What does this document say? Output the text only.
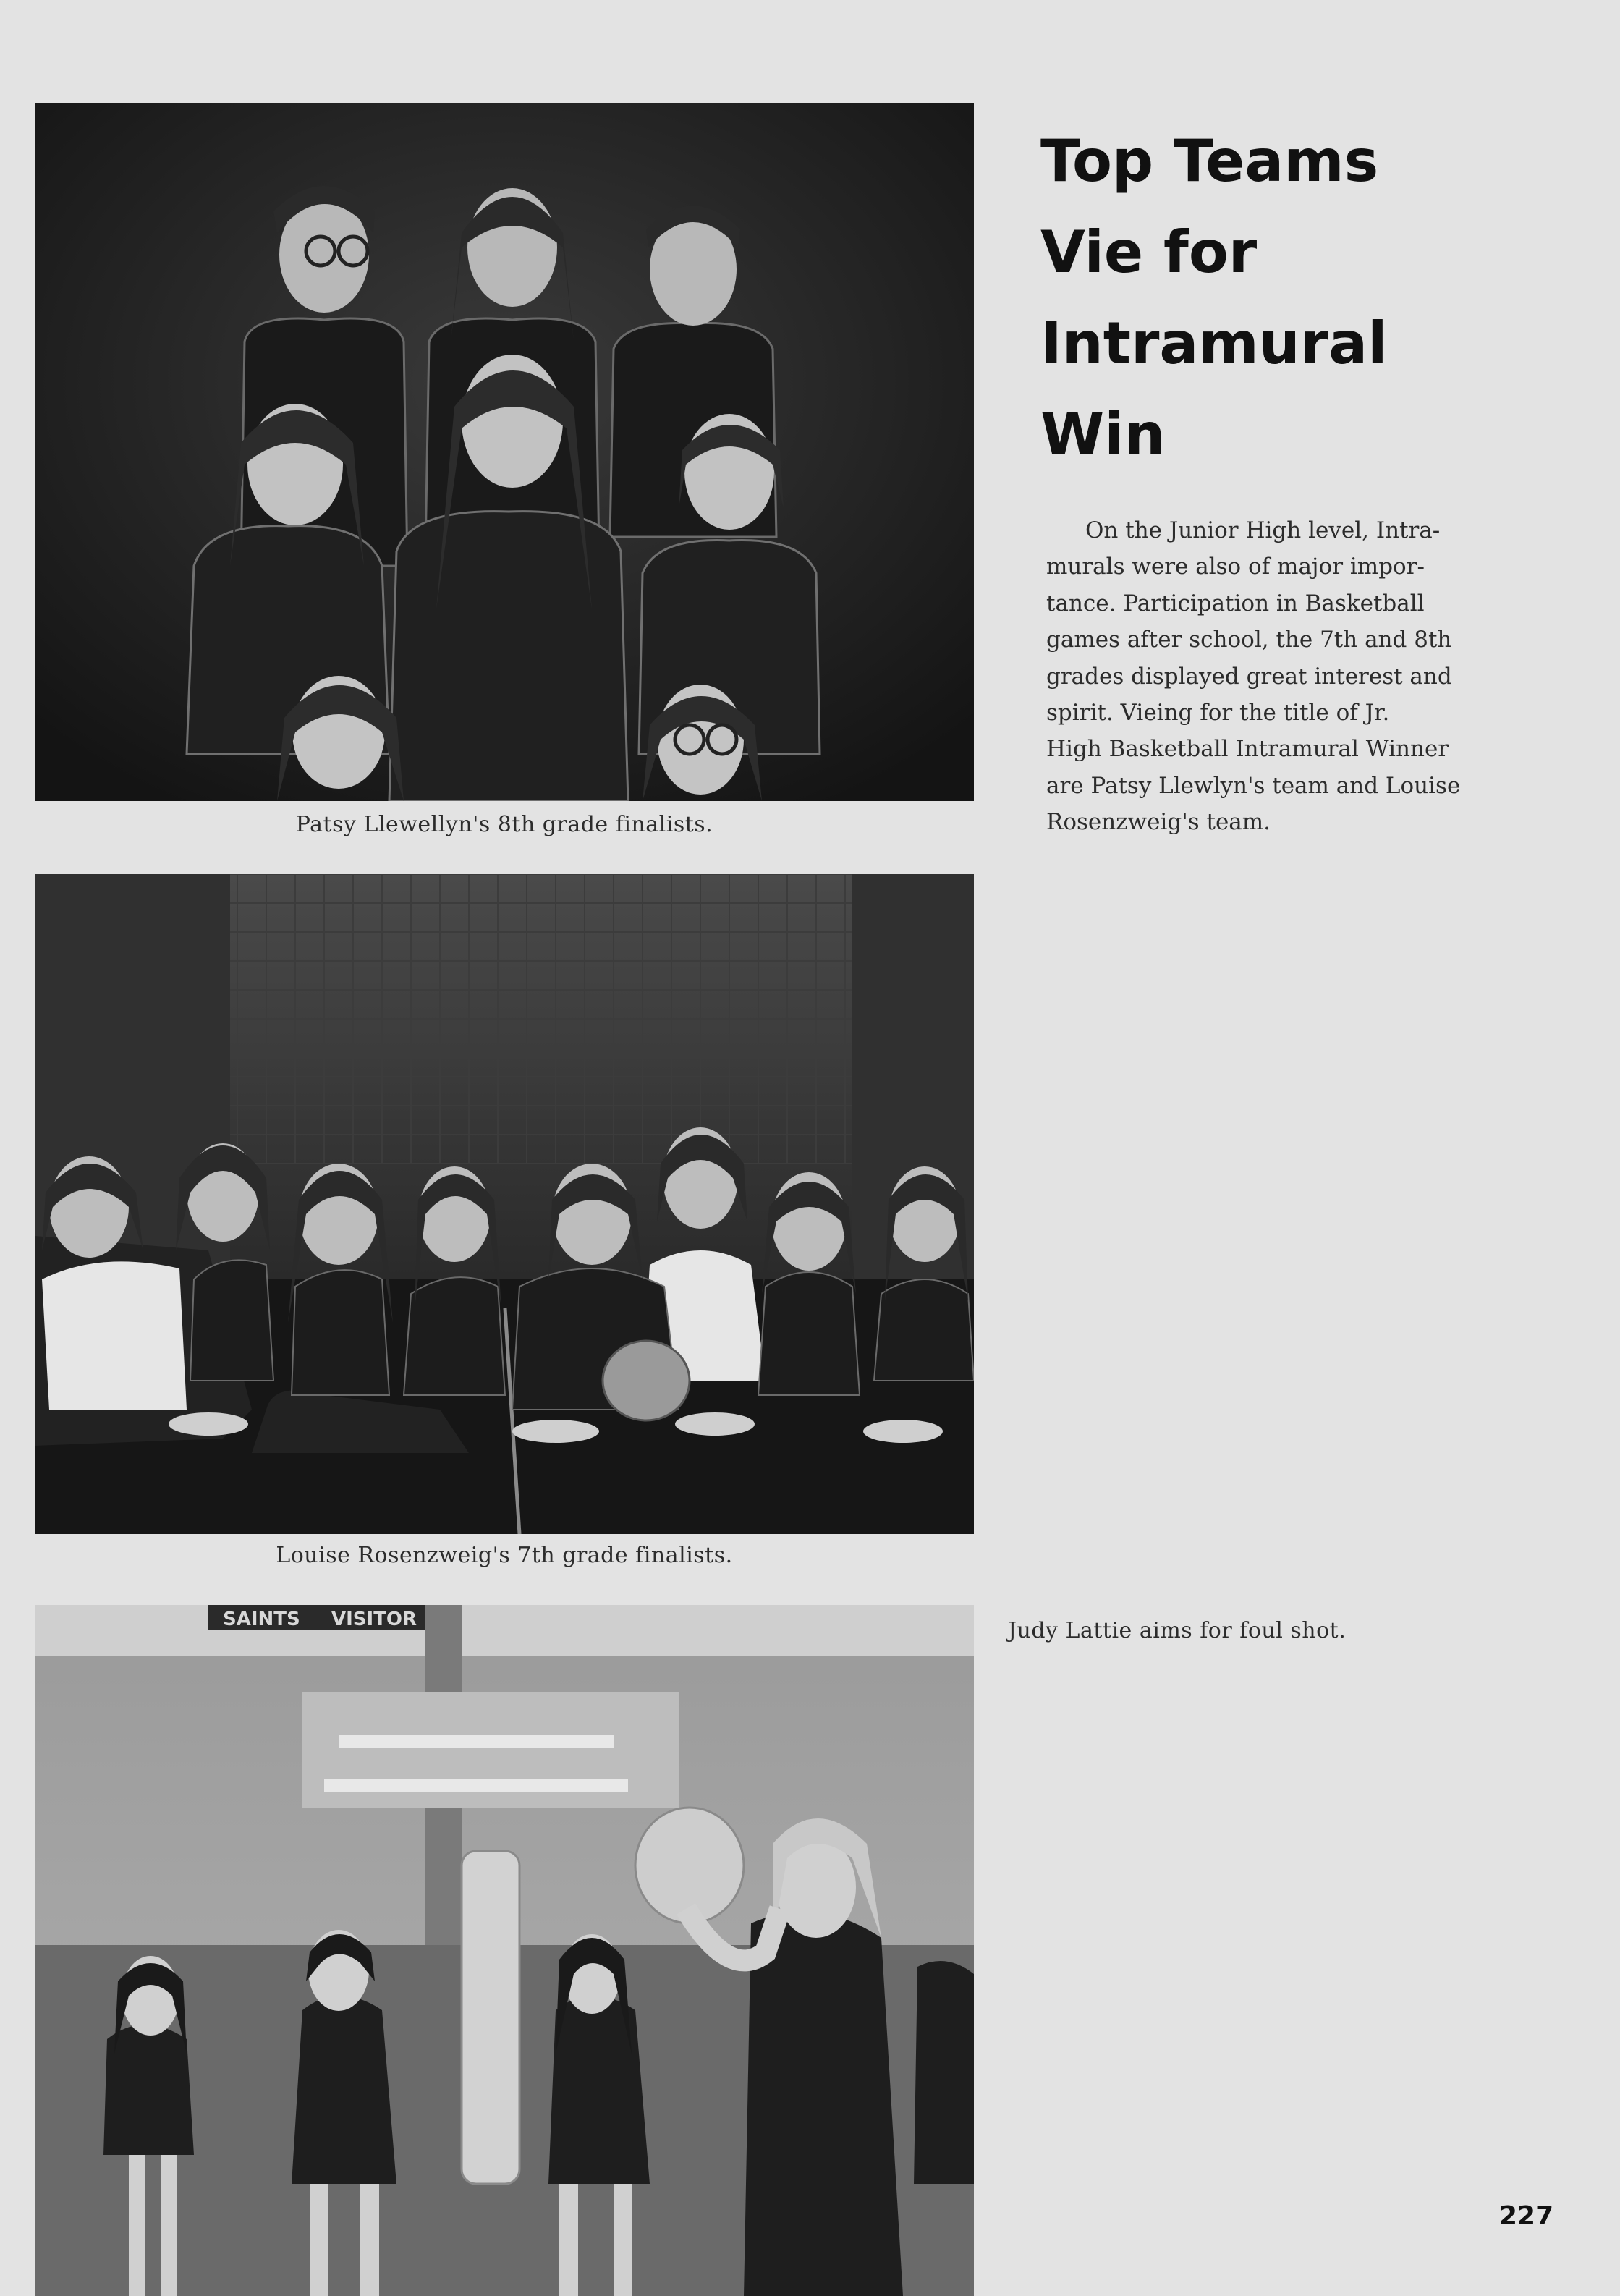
Patsy Llewellyn's 8th grade finalists.
Louise Rosenzweig's 7th grade finalists.
SAINTS VISITOR
Top Teams
Vie for
Intramural
Win
On the Junior High level, Intra-
murals were also of major impor-
tance. Participation in Basketball
games after school, the 7th and 8th
grades displayed great interest and
spirit. Vieing for the title of Jr.
High Basketball Intramural Winner
are Patsy Llewlyn's team and Louise
Rosenzweig's team.
Judy Lattie aims for foul shot.
227
